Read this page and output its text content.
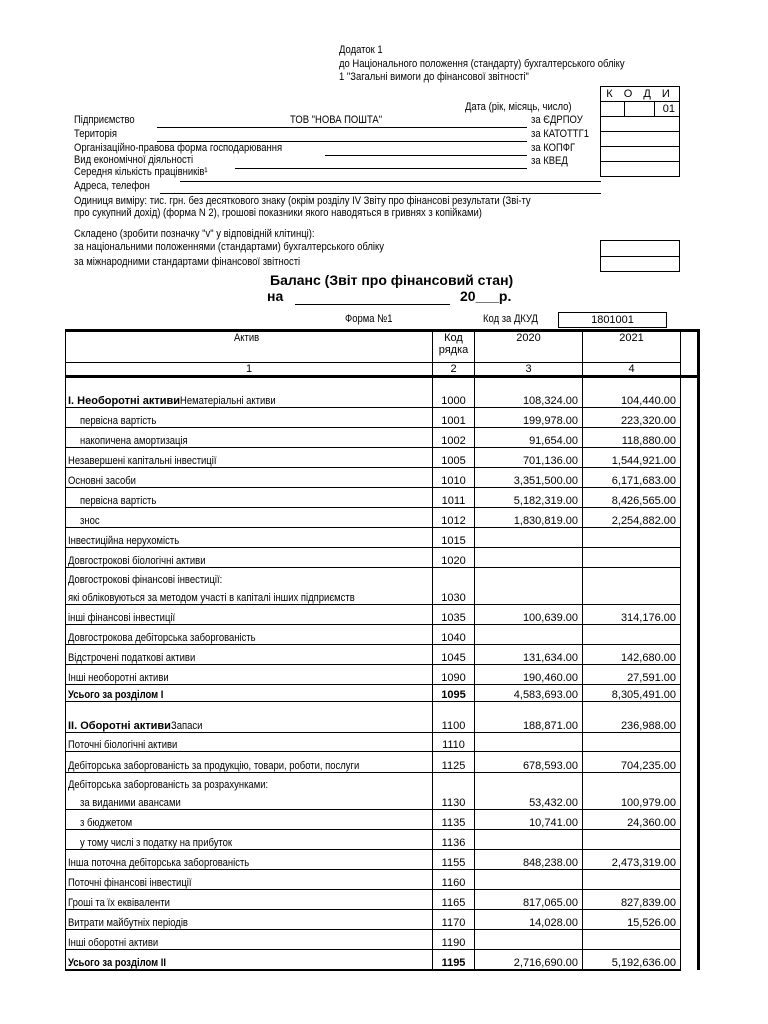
Додаток 1
до Національного положення (стандарту) бухгалтерського обліку
1 "Загальні вимоги до фінансової звітності"
К О Д И
01
Дата (рік, місяць, число)
за ЄДРПОУ
за КАТОТТГ1
за КОПФГ
за КВЕД
Підприємство	ТОВ "НОВА ПОШТА"
Територія
Організаційно-правова форма господарювання
Вид економічної діяльності
Середня кількість працівників¹
Адреса, телефон
Одиниця виміру: тис. грн. без десяткового знаку (окрім розділу IV Звіту про фінансові результати (Звi-ту
про сукупний дохід) (форма N 2), грошові показники якого наводяться в гривнях з копійками)
Складено (зробити позначку "v" у відповідній клітинці):
за національними положеннями (стандартами) бухгалтерського обліку
за міжнародними стандартами фінансової звітності
Баланс (Звіт про фінансовий стан)
на	20___р.
Форма №1	Код за ДКУД	1801001
Актив	Код рядка	2020	2021	
1	2	3	4	
I. Необоротні активиНематеріальні активи	1000	108,324.00	104,440.00	
первісна вартість	1001	199,978.00	223,320.00	
накопичена амортизація	1002	91,654.00	118,880.00	
Незавершені капітальні інвестиції	1005	701,136.00	1,544,921.00	
Основні засоби	1010	3,351,500.00	6,171,683.00	
первісна вартість	1011	5,182,319.00	8,426,565.00	
знос	1012	1,830,819.00	2,254,882.00	
Інвестиційна нерухомість	1015			
Довгострокові біологічні активи	1020			

Довгострокові фінансові інвестиції:
які обліковуються за методом участі в капіталі інших підприємств	1030			
інші фінансові інвестиції	1035	100,639.00	314,176.00	
Довгострокова дебіторська заборгованість	1040			
Відстрочені податкові активи	1045	131,634.00	142,680.00	
Інші необоротні активи	1090	190,460.00	27,591.00	
Усього за розділом I	1095	4,583,693.00	8,305,491.00	
II. Оборотні активиЗапаси	1100	188,871.00	236,988.00	
Поточні біологічні активи	1110			
Дебіторська заборгованість за продукцію, товари, роботи, послуги	1125	678,593.00	704,235.00	

Дебіторська заборгованість за розрахунками:
за виданими авансами	1130	53,432.00	100,979.00	
з бюджетом	1135	10,741.00	24,360.00	
у тому числі з податку на прибуток	1136			
Інша поточна дебіторська заборгованість	1155	848,238.00	2,473,319.00	
Поточні фінансові інвестиції	1160			
Гроші та їх еквіваленти	1165	817,065.00	827,839.00	
Витрати майбутніх періодів	1170	14,028.00	15,526.00	
Інші оборотні активи	1190			
Усього за розділом II	1195	2,716,690.00	5,192,636.00	
